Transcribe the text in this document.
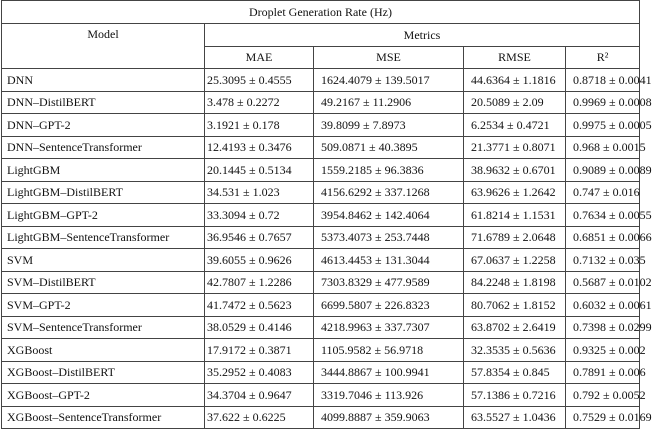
Droplet Generation Rate (Hz)				
Model	Metrics			
	MAE	MSE	RMSE	R²
DNN	25.3095 ± 0.4555	1624.4079 ± 139.5017	44.6364 ± 1.1816	0.8718 ± 0.0041
DNN–DistilBERT	3.478 ± 0.2272	49.2167 ± 11.2906	20.5089 ± 2.09	0.9969 ± 0.0008
DNN–GPT-2	3.1921 ± 0.178	39.8099 ± 7.8973	6.2534 ± 0.4721	0.9975 ± 0.0005
DNN–SentenceTransformer	12.4193 ± 0.3476	509.0871 ± 40.3895	21.3771 ± 0.8071	0.968 ± 0.0015
LightGBM	20.1445 ± 0.5134	1559.2185 ± 96.3836	38.9632 ± 0.6701	0.9089 ± 0.0089
LightGBM–DistilBERT	34.531 ± 1.023	4156.6292 ± 337.1268	63.9626 ± 1.2642	0.747 ± 0.016
LightGBM–GPT-2	33.3094 ± 0.72	3954.8462 ± 142.4064	61.8214 ± 1.1531	0.7634 ± 0.0055
LightGBM–SentenceTransformer	36.9546 ± 0.7657	5373.4073 ± 253.7448	71.6789 ± 2.0648	0.6851 ± 0.0066
SVM	39.6055 ± 0.9626	4613.4453 ± 131.3044	67.0637 ± 1.2258	0.7132 ± 0.035
SVM–DistilBERT	42.7807 ± 1.2286	7303.8329 ± 477.9589	84.2248 ± 1.8198	0.5687 ± 0.0102
SVM–GPT-2	41.7472 ± 0.5623	6699.5807 ± 226.8323	80.7062 ± 1.8152	0.6032 ± 0.0061
SVM–SentenceTransformer	38.0529 ± 0.4146	4218.9963 ± 337.7307	63.8702 ± 2.6419	0.7398 ± 0.0299
XGBoost	17.9172 ± 0.3871	1105.9582 ± 56.9718	32.3535 ± 0.5636	0.9325 ± 0.002
XGBoost–DistilBERT	35.2952 ± 0.4083	3444.8867 ± 100.9941	57.8354 ± 0.845	0.7891 ± 0.006
XGBoost–GPT-2	34.3704 ± 0.9647	3319.7046 ± 113.926	57.1386 ± 0.7216	0.792 ± 0.0052
XGBoost–SentenceTransformer	37.622 ± 0.6225	4099.8887 ± 359.9063	63.5527 ± 1.0436	0.7529 ± 0.0169
